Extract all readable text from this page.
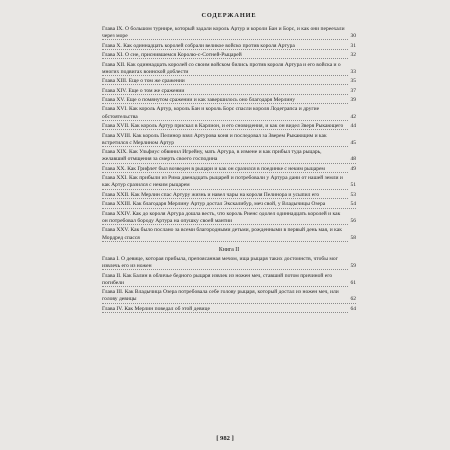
СОДЕРЖАНИЕ
Глава IX. О большом турнире, который задали король Артур и короли Бан и Борс, и как они переехали через море	30
Глава X. Как одиннадцать королей собрали великое войско против короля Артура	31
Глава XI. О сне, приснившемся Королю-с-Сотней-Рыцарей	32
Глава XII. Как одиннадцать королей со своим войском бились против короля Артура и его войска и о многих подвигах воинской доблести	33
Глава XIII. Еще о том же сражении	35
Глава XIV. Еще о том же сражении	37
Глава XV. Еще о помянутом сражении и как завершилось оно благодаря Мерлину	39
Глава XVI. Как король Артур, король Бан и король Борс спасли короля Лодеграпса и другие обстоятельства	42
Глава XVII. Как король Артур прискал в Карлион, и его сновидения, и как он видел Зверя Рыкающего	44
Глава XVIII. Как король Пелинор взял Артурова коня и последовал за Зверем Рыкающим и как встретился с Мерлином Артур	45
Глава XIX. Как Ульфиус обвинил Игрейну, мать Артура, в измене и как прибыл туда рыцарь, желавший отмщения за смерть своего господина	48
Глава XX. Как Грифлет был возведен в рыцари и как он сразился в поединке с неким рыцарем	49
Глава XXI. Как прибыли из Рима двенадцать рыцарей и потребовали у Артура дани от нашей земли и как Артур сразился с неким рыцарем	51
Глава XXII. Как Мерлин спас Артуру жизнь и навел чары на короля Пелинора и усыпил его	53
Глава XXIII. Как благодаря Мерлину Артур достал Экскалибур, меч свой, у Владычицы Озера	54
Глава XXIV. Как до короля Артура дошла весть, что король Риенс одолел одиннадцать королей и как он потребовал бороду Артура на опушку своей мантии	56
Глава XXV. Как было послано за всеми благородными детьми, рожденными в первый день мая, и как Мордред спасся	58
Книга II
Глава I. О девице, которая прибыла, препоясанная мечом, ища рыцаря таких достоинств, чтобы мог извлечь его из ножен	59
Глава II. Как Балин в обличье бедного рыцаря извлек из ножен меч, ставший потом причиной его погибели	61
Глава III. Как Владычица Озера потребовала себе голову рыцаря, который достал из ножен меч, или голову девицы	62
Глава IV. Как Мерлин поведал об этой девице	64
[ 982 ]
